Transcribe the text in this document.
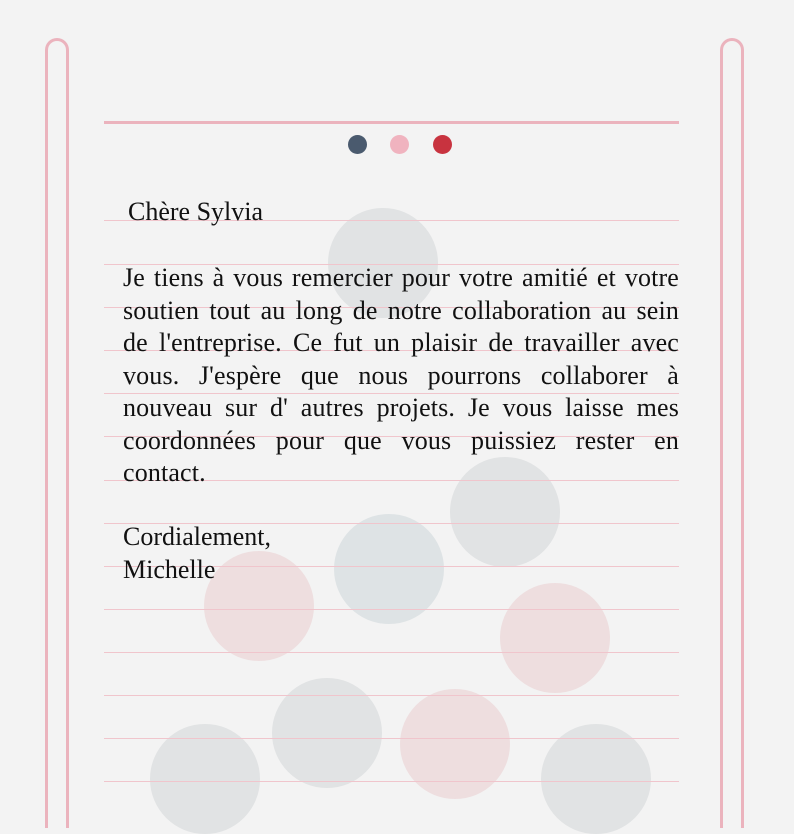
Chère Sylvia
Je tiens à vous remercier pour votre amitié et votre soutien tout au long de notre collaboration au sein de l'entreprise. Ce fut un plaisir de travailler avec vous. J'espère que nous pourrons collaborer à nouveau sur d' autres projets. Je vous laisse mes coordonnées pour que vous puissiez rester en contact.
Cordialement,
Michelle
